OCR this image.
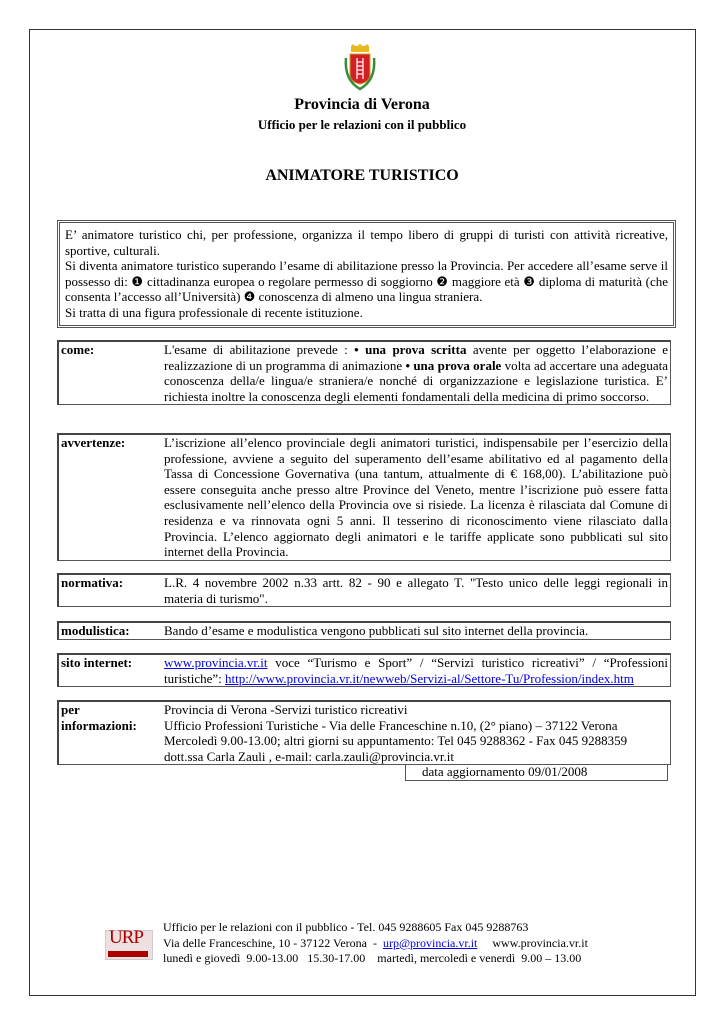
Provincia di Verona
Ufficio per le relazioni con il pubblico
ANIMATORE TURISTICO
E’ animatore turistico chi, per professione, organizza il tempo libero di gruppi di turisti con attività ricreative, sportive, culturali.
Si diventa animatore turistico superando l’esame di abilitazione presso la Provincia. Per accedere all’esame serve il possesso di: ❶ cittadinanza europea o regolare permesso di soggiorno ❷ maggiore età ❸ diploma di maturità (che consenta l’accesso all’Università) ❹ conoscenza di almeno una lingua straniera.
Si tratta di una figura professionale di recente istituzione.
come:	L'esame di abilitazione prevede : • una prova scritta avente per oggetto l’elaborazione e realizzazione di un programma di animazione • una prova orale volta ad accertare una adeguata conoscenza della/e lingua/e straniera/e nonché di organizzazione e legislazione turistica. E’ richiesta inoltre la conoscenza degli elementi fondamentali della medicina di primo soccorso.
avvertenze:	L’iscrizione all’elenco provinciale degli animatori turistici, indispensabile per l’esercizio della professione, avviene a seguito del superamento dell’esame abilitativo ed al pagamento della Tassa di Concessione Governativa (una tantum, attualmente di € 168,00). L’abilitazione può essere conseguita anche presso altre Province del Veneto, mentre l’iscrizione può essere fatta esclusivamente nell’elenco della Provincia ove si risiede. La licenza è rilasciata dal Comune di residenza e va rinnovata ogni 5 anni. Il tesserino di riconoscimento viene rilasciato dalla Provincia. L’elenco aggiornato degli animatori e le tariffe applicate sono pubblicati sul sito internet della Provincia.
normativa:	L.R. 4 novembre 2002 n.33 artt. 82 - 90 e allegato T. "Testo unico delle leggi regionali in materia di turismo".
modulistica:	Bando d’esame e modulistica vengono pubblicati sul sito internet della provincia.
sito internet:	www.provincia.vr.it voce “Turismo e Sport” / “Servizi turistico ricreativi” / “Professioni turistiche”: http://www.provincia.vr.it/newweb/Servizi-al/Settore-Tu/Profession/index.htm
per
informazioni:
Provincia di Verona -Servizi turistico ricreativi
Ufficio Professioni Turistiche - Via delle Franceschine n.10, (2° piano) – 37122 Verona
Mercoledì 9.00-13.00; altri giorni su appuntamento: Tel 045 9288362 - Fax 045 9288359
dott.ssa Carla Zauli , e-mail: carla.zauli@provincia.vr.it
data aggiornamento 09/01/2008
URP Ufficio per le relazioni con il pubblico - Tel. 045 9288605 Fax 045 9288763
Via delle Franceschine, 10 - 37122 Verona  -  urp@provincia.vr.it     www.provincia.vr.it
lunedì e giovedì  9.00-13.00   15.30-17.00    martedì, mercoledì e venerdì  9.00 – 13.00
